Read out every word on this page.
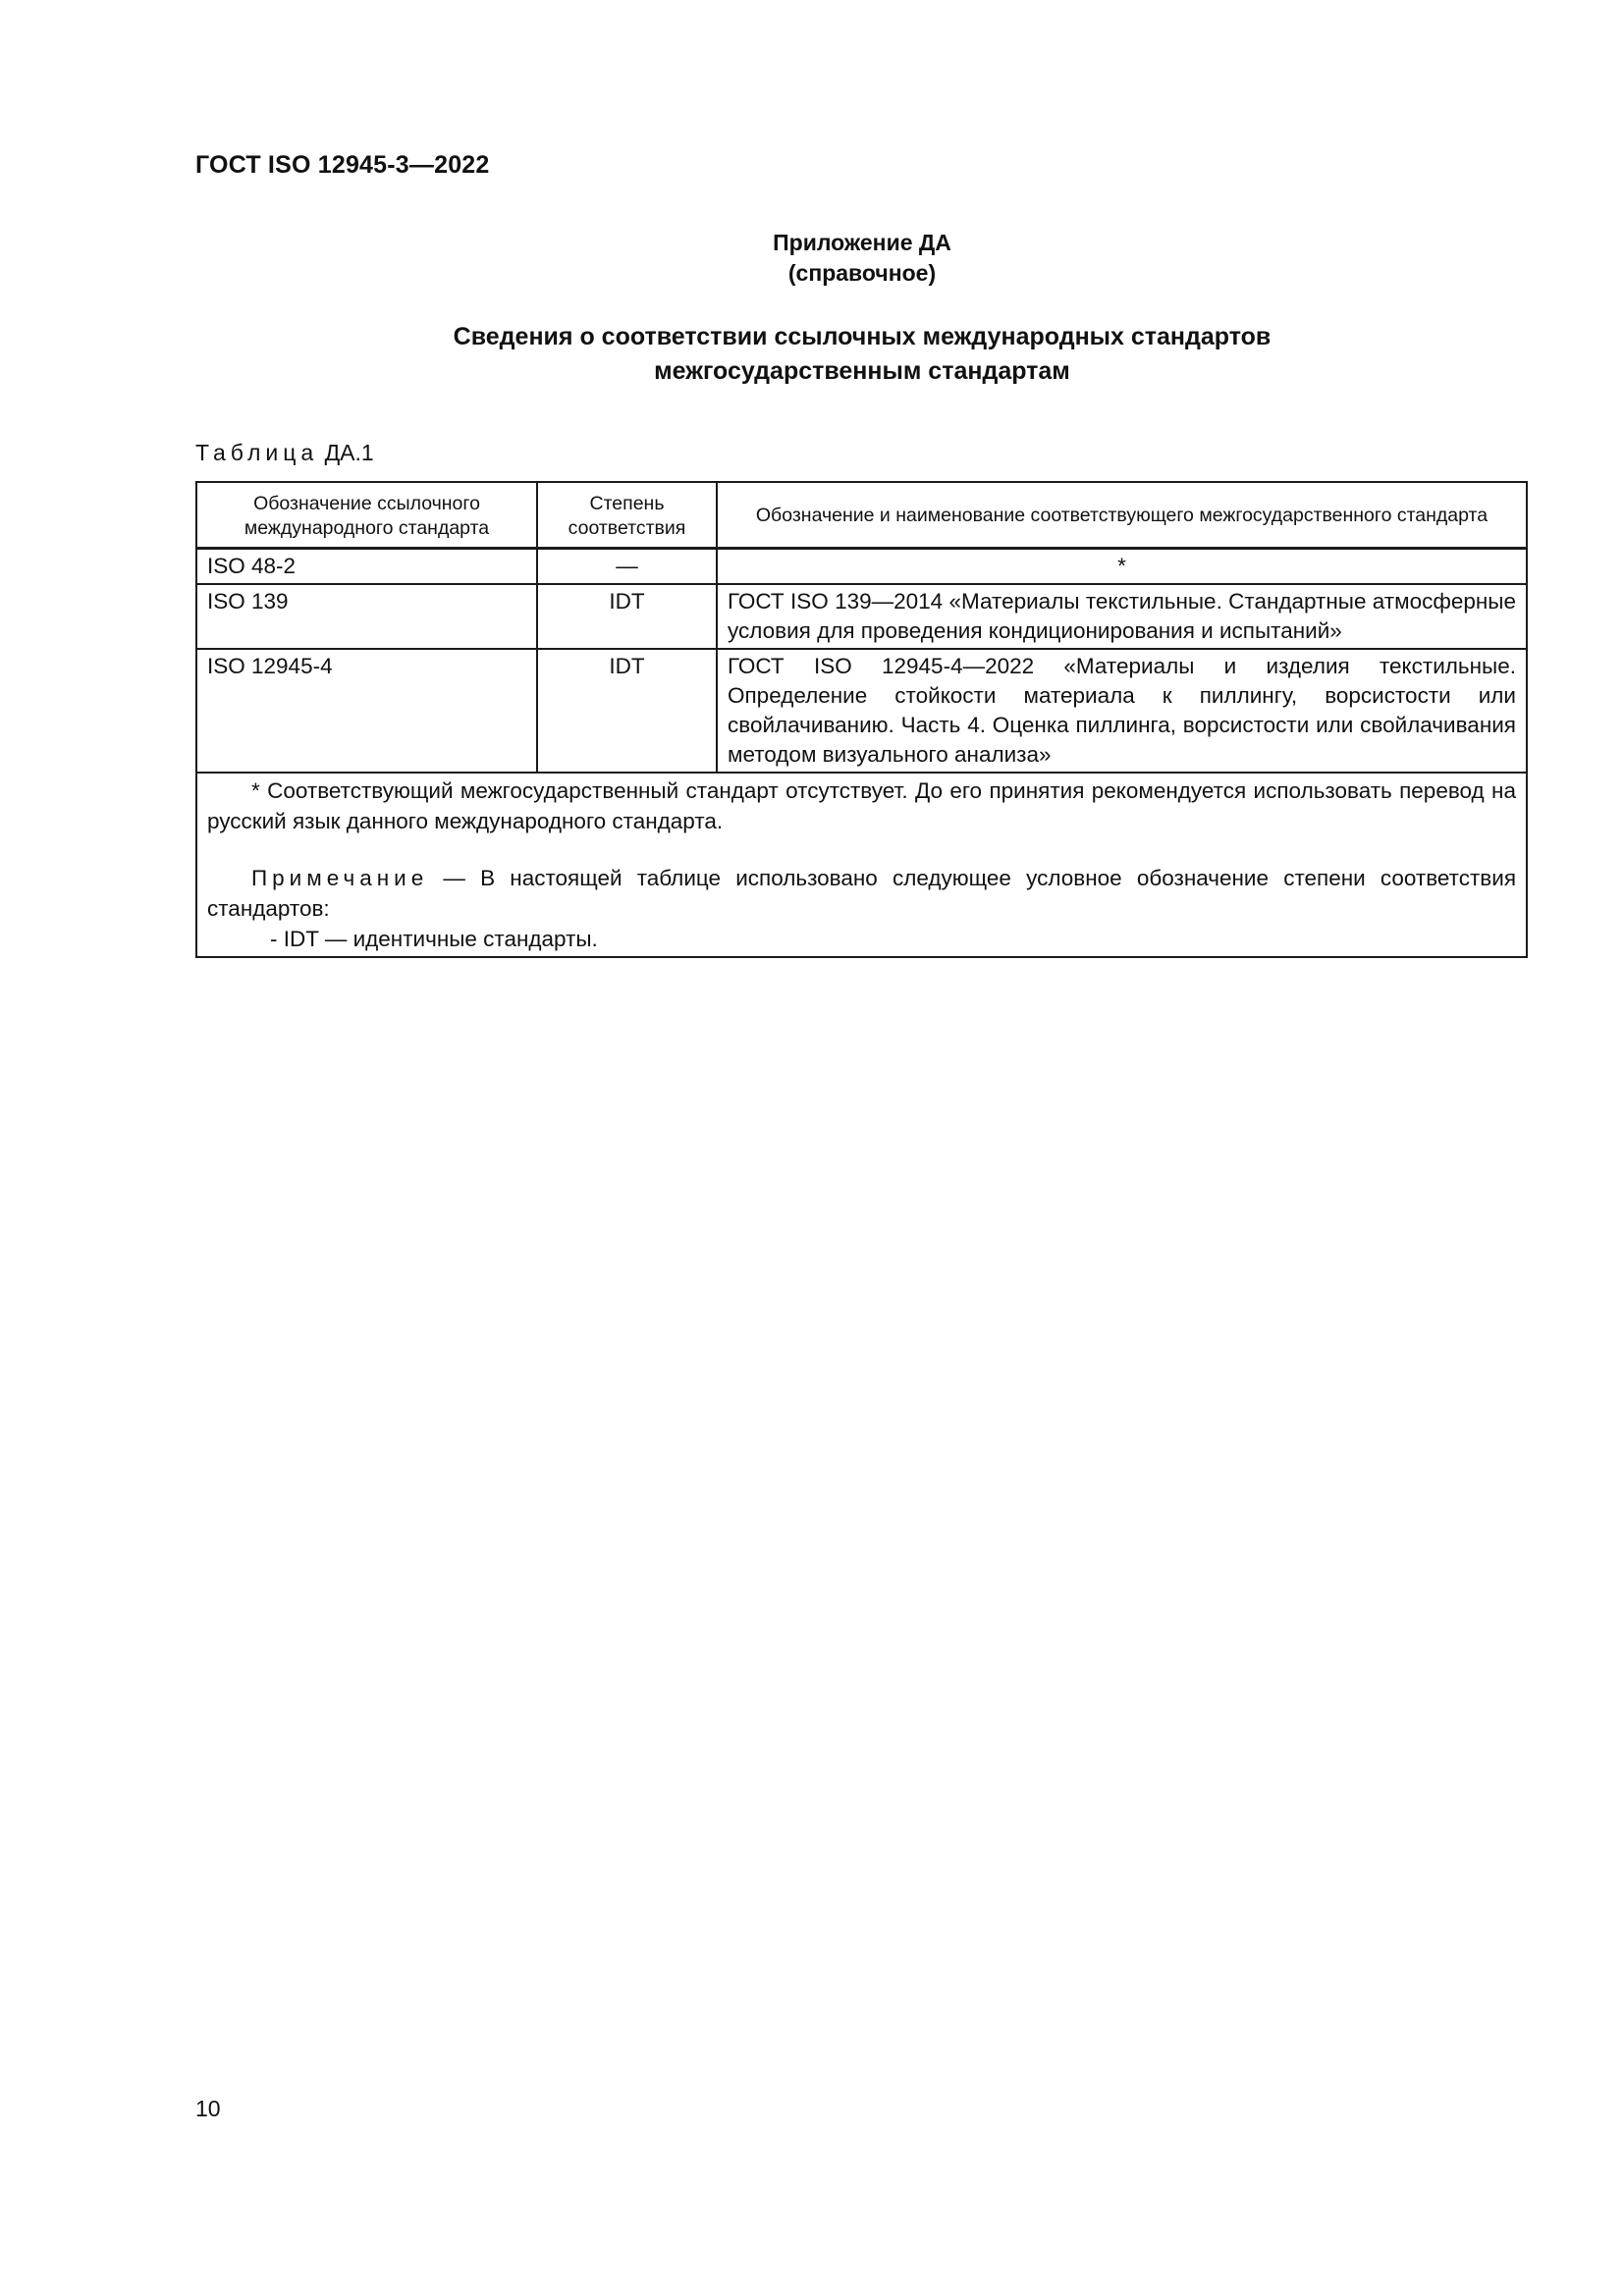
ГОСТ ISO 12945-3—2022
Приложение ДА
(справочное)
Сведения о соответствии ссылочных международных стандартов
межгосударственным стандартам
Таблица ДА.1
Обозначение ссылочного международного стандарта	Степень соответствия	Обозначение и наименование соответствующего межгосударственного стандарта
ISO 48-2	—	*
ISO 139	IDT	ГОСТ ISO 139—2014 «Материалы текстильные. Стандартные атмосферные условия для проведения кондиционирования и испытаний»
ISO 12945-4	IDT	ГОСТ ISO 12945-4—2022 «Материалы и изделия текстильные. Определение стойкости материала к пиллингу, ворсистости или свойлачиванию. Часть 4. Оценка пиллинга, ворсистости или свойлачивания методом визуального анализа»

* Соответствующий межгосударственный стандарт отсутствует. До его принятия рекомендуется использовать перевод на русский язык данного международного стандарта.

Примечание — В настоящей таблице использовано следующее условное обозначение степени соответствия стандартов:

- IDT — идентичные стандарты.		

10
